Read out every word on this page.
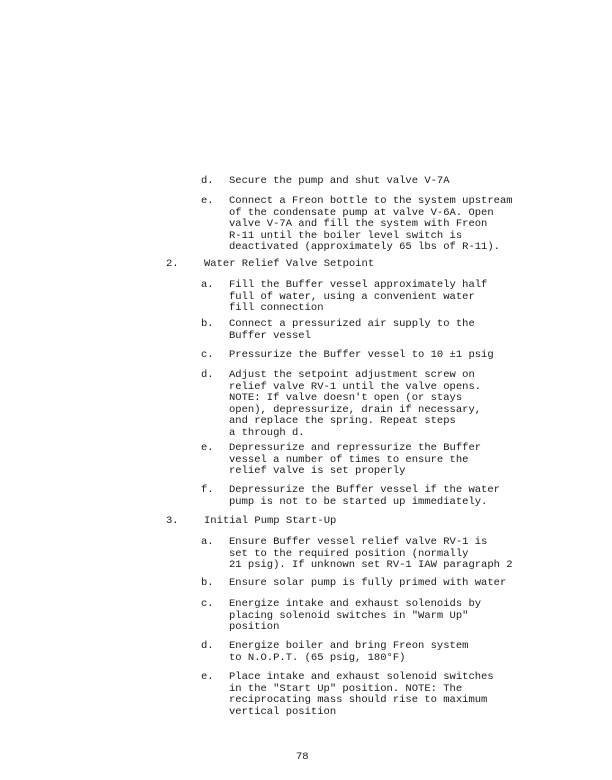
d. Secure the pump and shut valve V-7A
e. Connect a Freon bottle to the system upstream
of the condensate pump at valve V-6A. Open
valve V-7A and fill the system with Freon
R-11 until the boiler level switch is
deactivated (approximately 65 lbs of R-11).
2. Water Relief Valve Setpoint
a. Fill the Buffer vessel approximately half
full of water, using a convenient water
fill connection
b. Connect a pressurized air supply to the
Buffer vessel
c. Pressurize the Buffer vessel to 10 ±1 psig
d. Adjust the setpoint adjustment screw on
relief valve RV-1 until the valve opens.
NOTE: If valve doesn't open (or stays
open), depressurize, drain if necessary,
and replace the spring. Repeat steps
a through d.
e. Depressurize and repressurize the Buffer
vessel a number of times to ensure the
relief valve is set properly
f. Depressurize the Buffer vessel if the water
pump is not to be started up immediately.
3. Initial Pump Start-Up
a. Ensure Buffer vessel relief valve RV-1 is
set to the required position (normally
21 psig). If unknown set RV-1 IAW paragraph 2
b. Ensure solar pump is fully primed with water
c. Energize intake and exhaust solenoids by
placing solenoid switches in "Warm Up"
position
d. Energize boiler and bring Freon system
to N.O.P.T. (65 psig, 180°F)
e. Place intake and exhaust solenoid switches
in the "Start Up" position. NOTE: The
reciprocating mass should rise to maximum
vertical position
78
